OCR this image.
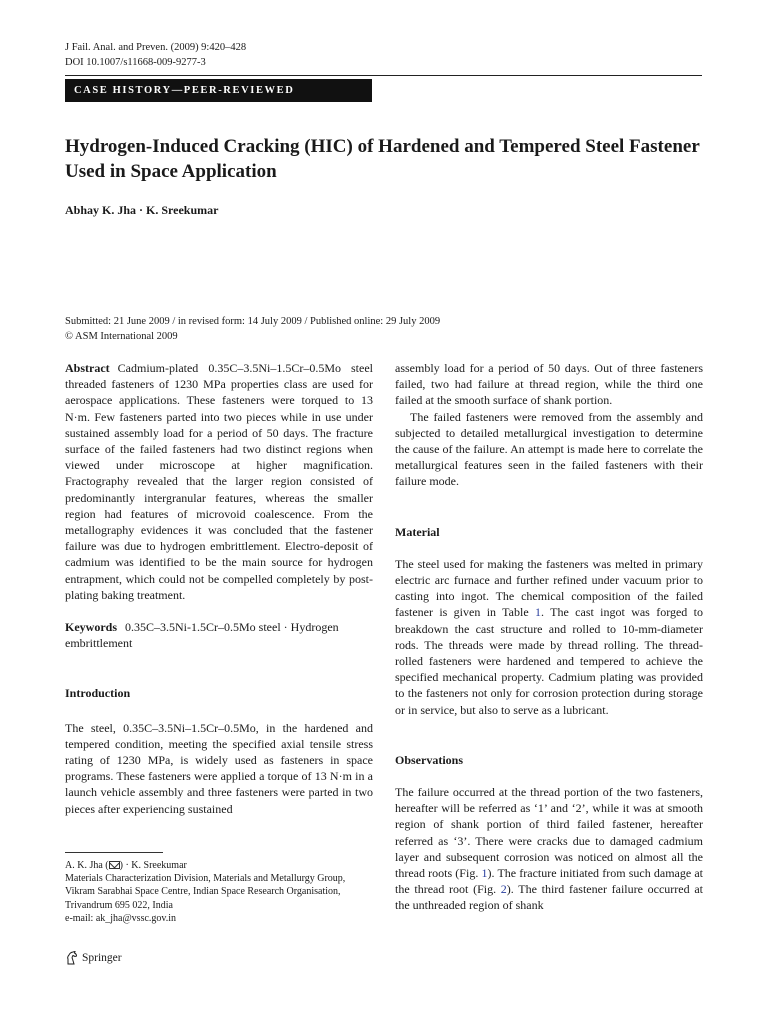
J Fail. Anal. and Preven. (2009) 9:420–428
DOI 10.1007/s11668-009-9277-3
CASE HISTORY—PEER-REVIEWED
Hydrogen-Induced Cracking (HIC) of Hardened and Tempered Steel Fastener Used in Space Application
Abhay K. Jha · K. Sreekumar
Submitted: 21 June 2009 / in revised form: 14 July 2009 / Published online: 29 July 2009
© ASM International 2009

Abstract Cadmium-plated 0.35C–3.5Ni–1.5Cr–0.5Mo steel threaded fasteners of 1230 MPa properties class are used for aerospace applications. These fasteners were torqued to 13 N·m. Few fasteners parted into two pieces while in use under sustained assembly load for a period of 50 days. The fracture surface of the failed fasteners had two distinct regions when viewed under microscope at higher magnification. Fractography revealed that the larger region consisted of predominantly intergranular features, whereas the smaller region had features of microvoid coalescence. From the metallography evidences it was concluded that the fastener failure was due to hydrogen embrittlement. Electro-deposit of cadmium was identified to be the main source for hydrogen entrapment, which could not be compelled completely by post-plating baking treatment.

Keywords 0.35C–3.5Ni-1.5Cr–0.5Mo steel · Hydrogen embrittlement

Introduction

The steel, 0.35C–3.5Ni–1.5Cr–0.5Mo, in the hardened and tempered condition, meeting the specified axial tensile stress rating of 1230 MPa, is widely used as fasteners in space programs. These fasteners were applied a torque of 13 N·m in a launch vehicle assembly and three fasteners were parted in two pieces after experiencing sustained

A. K. Jha ( ) · K. Sreekumar
Materials Characterization Division, Materials and Metallurgy Group, Vikram Sarabhai Space Centre, Indian Space Research Organisation, Trivandrum 695 022, India
e-mail: ak_jha@vssc.gov.in

assembly load for a period of 50 days. Out of three fasteners failed, two had failure at thread region, while the third one failed at the smooth surface of shank portion.

The failed fasteners were removed from the assembly and subjected to detailed metallurgical investigation to determine the cause of the failure. An attempt is made here to correlate the metallurgical features seen in the failed fasteners with their failure mode.

Material

The steel used for making the fasteners was melted in primary electric arc furnace and further refined under vacuum prior to casting into ingot. The chemical composition of the failed fastener is given in Table 1. The cast ingot was forged to breakdown the cast structure and rolled to 10-mm-diameter rods. The threads were made by thread rolling. The thread-rolled fasteners were hardened and tempered to achieve the specified mechanical property. Cadmium plating was provided to the fasteners not only for corrosion protection during storage or in service, but also to serve as a lubricant.

Observations

The failure occurred at the thread portion of the two fasteners, hereafter will be referred as ‘1’ and ‘2’, while it was at smooth region of shank portion of third failed fastener, hereafter referred as ‘3’. There were cracks due to damaged cadmium layer and subsequent corrosion was noticed on almost all the thread roots (Fig. 1). The fracture initiated from such damage at the thread root (Fig. 2). The third fastener failure occurred at the unthreaded region of shank

Springer
